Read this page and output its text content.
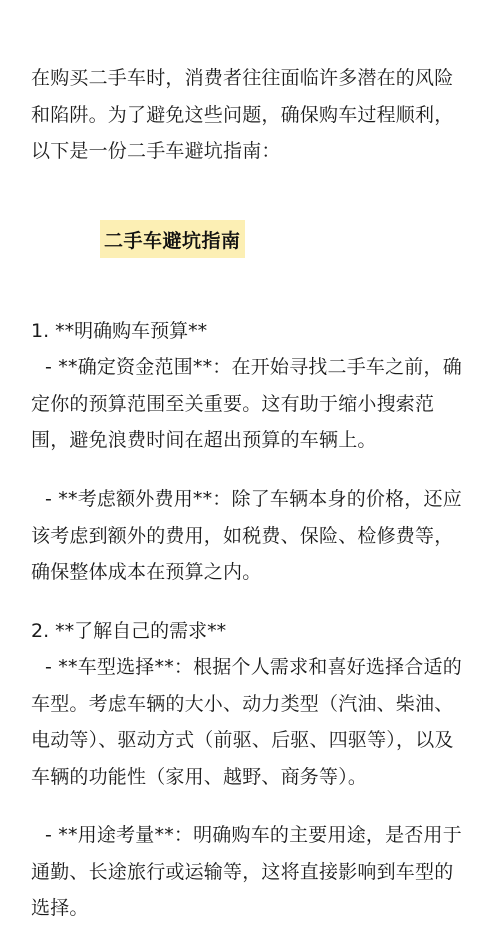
在购买二手车时，消费者往往面临许多潜在的风险和陷阱。为了避免这些问题，确保购车过程顺利，以下是一份二手车避坑指南：

二手车避坑指南

1. **明确购车预算**

- **确定资金范围**：在开始寻找二手车之前，确定你的预算范围至关重要。这有助于缩小搜索范围，避免浪费时间在超出预算的车辆上。

- **考虑额外费用**：除了车辆本身的价格，还应该考虑到额外的费用，如税费、保险、检修费等，确保整体成本在预算之内。

2. **了解自己的需求**

- **车型选择**：根据个人需求和喜好选择合适的车型。考虑车辆的大小、动力类型（汽油、柴油、电动等）、驱动方式（前驱、后驱、四驱等），以及车辆的功能性（家用、越野、商务等）。

- **用途考量**：明确购车的主要用途，是否用于通勤、长途旅行或运输等，这将直接影响到车型的选择。
